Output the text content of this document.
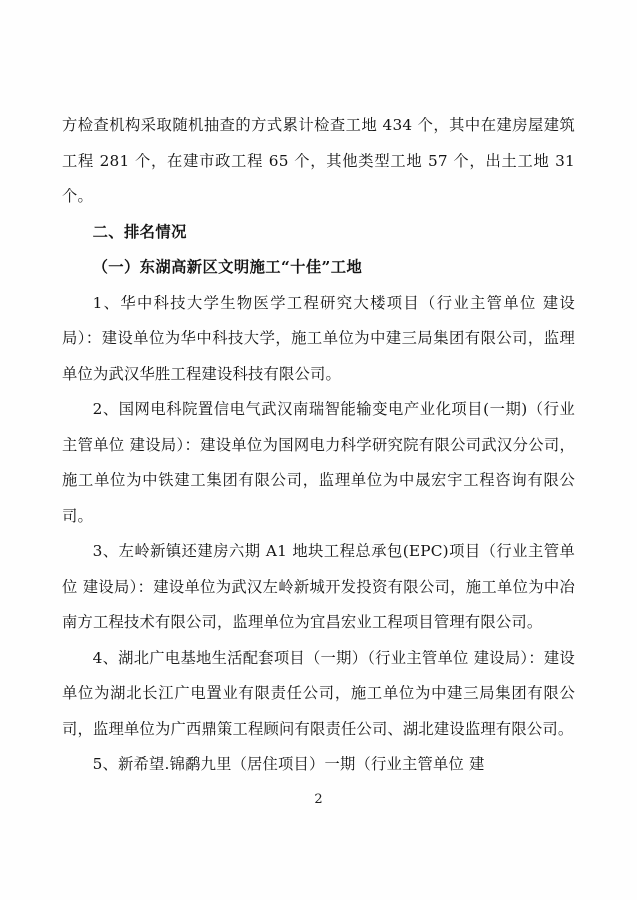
方检查机构采取随机抽查的方式累计检查工地 434 个，其中在建房屋建筑工程 281 个，在建市政工程 65 个，其他类型工地 57 个，出土工地 31 个。

二、排名情况

（一）东湖高新区文明施工“十佳”工地

1、华中科技大学生物医学工程研究大楼项目（行业主管单位 建设局）：建设单位为华中科技大学，施工单位为中建三局集团有限公司，监理单位为武汉华胜工程建设科技有限公司。

2、国网电科院置信电气武汉南瑞智能输变电产业化项目(一期)（行业主管单位 建设局）：建设单位为国网电力科学研究院有限公司武汉分公司，施工单位为中铁建工集团有限公司，监理单位为中晟宏宇工程咨询有限公司。

3、左岭新镇还建房六期 A1 地块工程总承包(EPC)项目（行业主管单位 建设局）：建设单位为武汉左岭新城开发投资有限公司，施工单位为中冶南方工程技术有限公司，监理单位为宜昌宏业工程项目管理有限公司。

4、湖北广电基地生活配套项目（一期）（行业主管单位 建设局）：建设单位为湖北长江广电置业有限责任公司，施工单位为中建三局集团有限公司，监理单位为广西鼎策工程顾问有限责任公司、湖北建设监理有限公司。

5、新希望.锦鹬九里（居住项目）一期（行业主管单位 建

2
